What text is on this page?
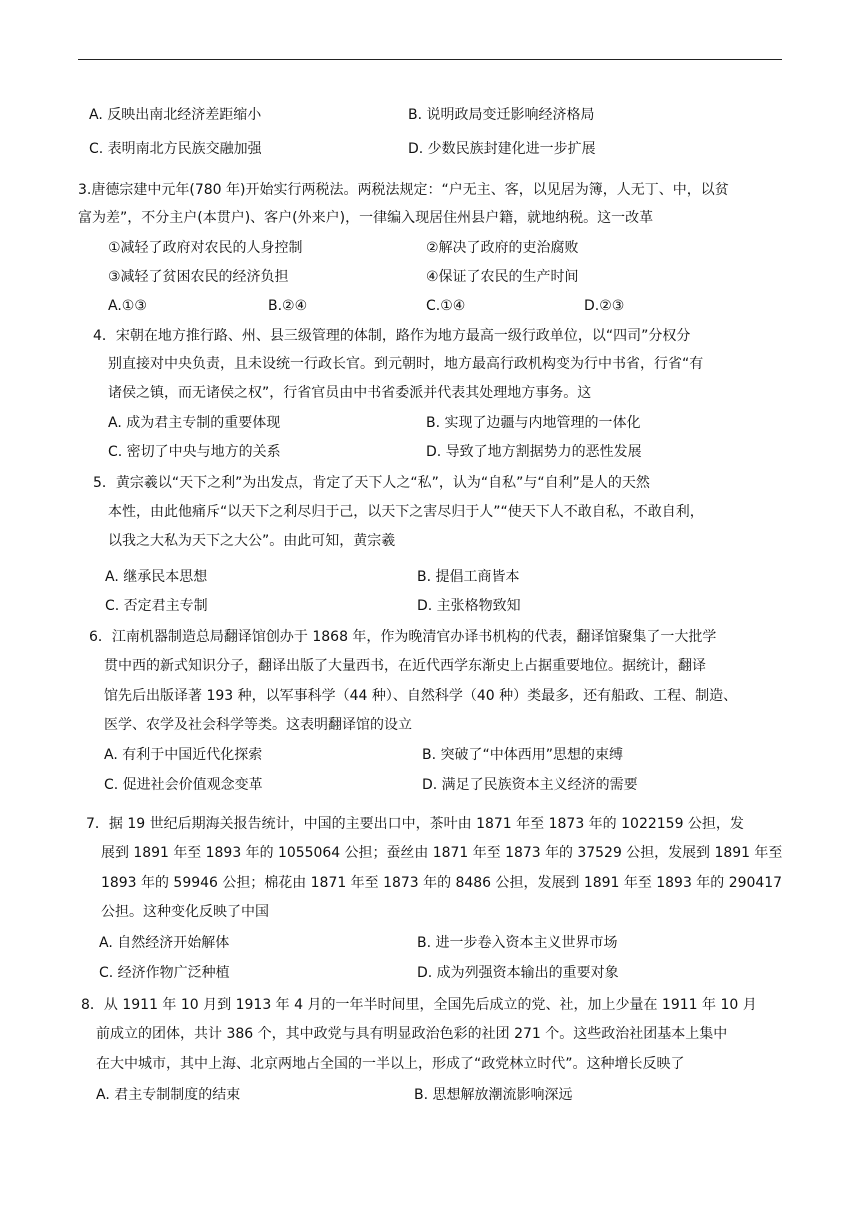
A. 反映出南北经济差距缩小	B. 说明政局变迁影响经济格局
C. 表明南北方民族交融加强	D. 少数民族封建化进一步扩展
3.唐德宗建中元年(780 年)开始实行两税法。两税法规定：“户无主、客，以见居为簿，人无丁、中，以贫
富为差”，不分主户(本贯户)、客户(外来户)，一律编入现居住州县户籍，就地纳税。这一改革
①减轻了政府对农民的人身控制	②解决了政府的吏治腐败
③减轻了贫困农民的经济负担	④保证了农民的生产时间
A.①③	B.②④	C.①④	D.②③
4．宋朝在地方推行路、州、县三级管理的体制，路作为地方最高一级行政单位，以“四司”分权分
别直接对中央负责，且未设统一行政长官。到元朝时，地方最高行政机构变为行中书省，行省“有
诸侯之镇，而无诸侯之权”，行省官员由中书省委派并代表其处理地方事务。这
A. 成为君主专制的重要体现	B. 实现了边疆与内地管理的一体化
C. 密切了中央与地方的关系	D. 导致了地方割据势力的恶性发展
5．黄宗羲以“天下之利”为出发点，肯定了天下人之“私”，认为“自私”与“自利”是人的天然
本性，由此他痛斥“以天下之利尽归于己，以天下之害尽归于人”“使天下人不敢自私，不敢自利，
以我之大私为天下之大公”。由此可知，黄宗羲
A. 继承民本思想	B. 提倡工商皆本
C. 否定君主专制	D. 主张格物致知
6．江南机器制造总局翻译馆创办于 1868 年，作为晚清官办译书机构的代表，翻译馆聚集了一大批学
贯中西的新式知识分子，翻译出版了大量西书，在近代西学东渐史上占据重要地位。据统计，翻译
馆先后出版译著 193 种，以军事科学（44 种）、自然科学（40 种）类最多，还有船政、工程、制造、
医学、农学及社会科学等类。这表明翻译馆的设立
A. 有利于中国近代化探索	B. 突破了“中体西用”思想的束缚
C. 促进社会价值观念变革	D. 满足了民族资本主义经济的需要
7．据 19 世纪后期海关报告统计，中国的主要出口中，茶叶由 1871 年至 1873 年的 1022159 公担，发
展到 1891 年至 1893 年的 1055064 公担；蚕丝由 1871 年至 1873 年的 37529 公担，发展到 1891 年至
1893 年的 59946 公担；棉花由 1871 年至 1873 年的 8486 公担，发展到 1891 年至 1893 年的 290417
公担。这种变化反映了中国
A. 自然经济开始解体	B. 进一步卷入资本主义世界市场
C. 经济作物广泛种植	D. 成为列强资本输出的重要对象
8．从 1911 年 10 月到 1913 年 4 月的一年半时间里，全国先后成立的党、社，加上少量在 1911 年 10 月
前成立的团体，共计 386 个，其中政党与具有明显政治色彩的社团 271 个。这些政治社团基本上集中
在大中城市，其中上海、北京两地占全国的一半以上，形成了“政党林立时代”。这种增长反映了
A. 君主专制制度的结束	B. 思想解放潮流影响深远
